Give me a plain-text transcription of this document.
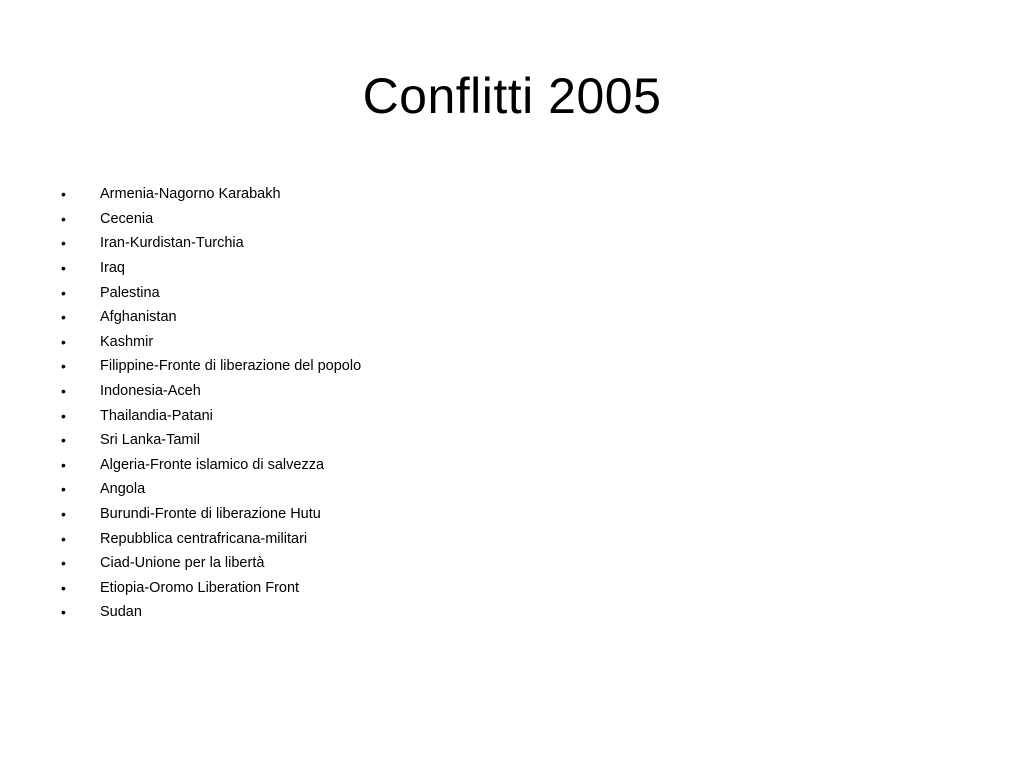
Conflitti 2005
•	Armenia-Nagorno Karabakh
•	Cecenia
•	Iran-Kurdistan-Turchia
•	Iraq
•	Palestina
•	Afghanistan
•	Kashmir
•	Filippine-Fronte di liberazione del popolo
•	Indonesia-Aceh
•	Thailandia-Patani
•	Sri Lanka-Tamil
•	Algeria-Fronte islamico di salvezza
•	Angola
•	Burundi-Fronte di liberazione Hutu
•	Repubblica centrafricana-militari
•	Ciad-Unione per la libertà
•	Etiopia-Oromo Liberation Front
•	Sudan
